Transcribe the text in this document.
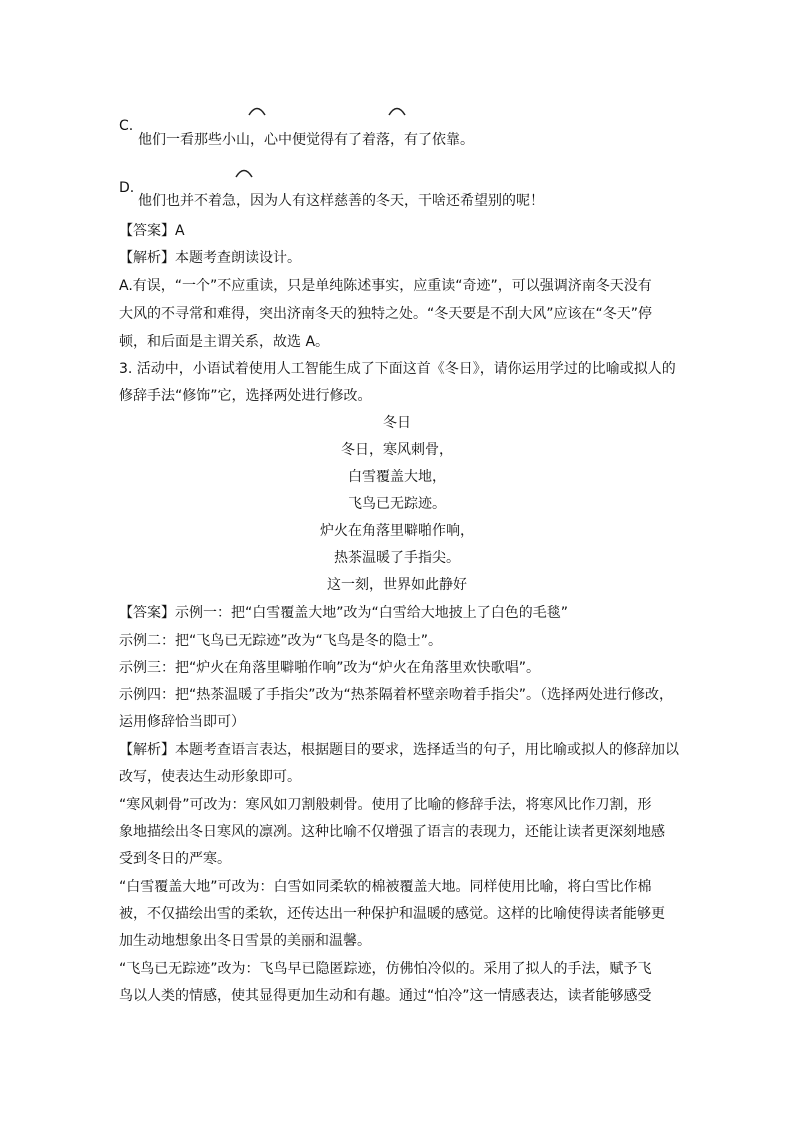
C.
他们一看那些小山，心中便觉得有了着落，有了依靠。
D.
他们也并不着急，因为人有这样慈善的冬天，干啥还希望别的呢！
【答案】A
【解析】本题考查朗读设计。
A.有误，“一个”不应重读，只是单纯陈述事实，应重读“奇迹”，可以强调济南冬天没有
大风的不寻常和难得，突出济南冬天的独特之处。“冬天要是不刮大风”应该在“冬天”停
顿，和后面是主谓关系，故选 A。
3. 活动中，小语试着使用人工智能生成了下面这首《冬日》，请你运用学过的比喻或拟人的
修辞手法“修饰”它，选择两处进行修改。
冬日
冬日，寒风刺骨，
白雪覆盖大地，
飞鸟已无踪迹。
炉火在角落里噼啪作响，
热茶温暖了手指尖。
这一刻，世界如此静好
【答案】示例一：把“白雪覆盖大地”改为“白雪给大地披上了白色的毛毯”
示例二：把“飞鸟已无踪迹”改为“飞鸟是冬的隐士”。
示例三：把“炉火在角落里噼啪作响”改为“炉火在角落里欢快歌唱”。
示例四：把“热茶温暖了手指尖”改为“热茶隔着杯壁亲吻着手指尖”。（选择两处进行修改，
运用修辞恰当即可）
【解析】本题考查语言表达，根据题目的要求，选择适当的句子，用比喻或拟人的修辞加以
改写，使表达生动形象即可。
“寒风刺骨”可改为：寒风如刀割般刺骨。使用了比喻的修辞手法，将寒风比作刀割，形
象地描绘出冬日寒风的凛冽。这种比喻不仅增强了语言的表现力，还能让读者更深刻地感
受到冬日的严寒。
“白雪覆盖大地”可改为：白雪如同柔软的棉被覆盖大地。同样使用比喻，将白雪比作棉
被，不仅描绘出雪的柔软，还传达出一种保护和温暖的感觉。这样的比喻使得读者能够更
加生动地想象出冬日雪景的美丽和温馨。
“飞鸟已无踪迹”改为：飞鸟早已隐匿踪迹，仿佛怕冷似的。采用了拟人的手法，赋予飞
鸟以人类的情感，使其显得更加生动和有趣。通过“怕冷”这一情感表达，读者能够感受
